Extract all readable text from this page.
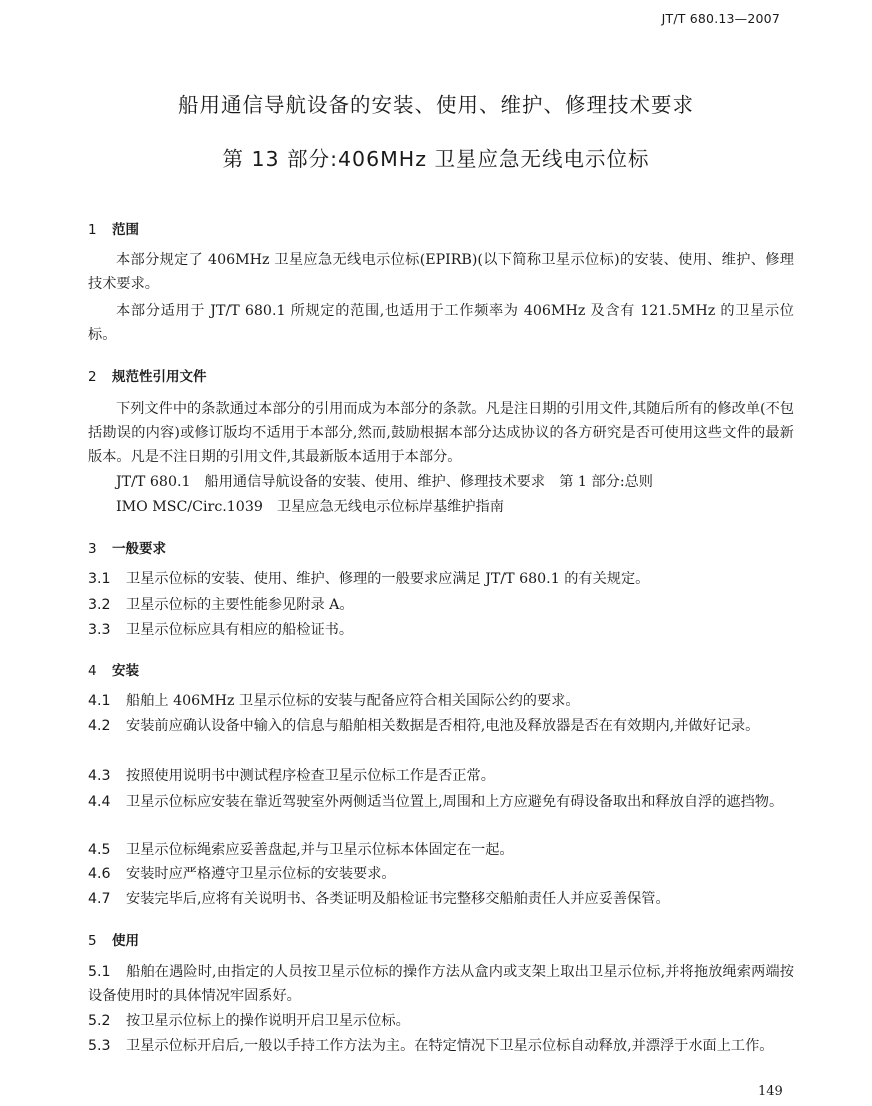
JT/T 680.13—2007
船用通信导航设备的安装、使用、维护、修理技术要求
第 13 部分:406MHz 卫星应急无线电示位标
1 范围
本部分规定了 406MHz 卫星应急无线电示位标(EPIRB)(以下简称卫星示位标)的安装、使用、维护、修理技术要求。
本部分适用于 JT/T 680.1 所规定的范围,也适用于工作频率为 406MHz 及含有 121.5MHz 的卫星示位标。
2 规范性引用文件
下列文件中的条款通过本部分的引用而成为本部分的条款。凡是注日期的引用文件,其随后所有的修改单(不包括勘误的内容)或修订版均不适用于本部分,然而,鼓励根据本部分达成协议的各方研究是否可使用这些文件的最新版本。凡是不注日期的引用文件,其最新版本适用于本部分。
JT/T 680.1 船用通信导航设备的安装、使用、维护、修理技术要求　第 1 部分:总则
IMO MSC/Circ.1039 卫星应急无线电示位标岸基维护指南
3 一般要求
3.1 卫星示位标的安装、使用、维护、修理的一般要求应满足 JT/T 680.1 的有关规定。
3.2 卫星示位标的主要性能参见附录 A。
3.3 卫星示位标应具有相应的船检证书。
4 安装
4.1 船舶上 406MHz 卫星示位标的安装与配备应符合相关国际公约的要求。
4.2 安装前应确认设备中输入的信息与船舶相关数据是否相符,电池及释放器是否在有效期内,并做好记录。
4.3 按照使用说明书中测试程序检查卫星示位标工作是否正常。
4.4 卫星示位标应安装在靠近驾驶室外两侧适当位置上,周围和上方应避免有碍设备取出和释放自浮的遮挡物。
4.5 卫星示位标绳索应妥善盘起,并与卫星示位标本体固定在一起。
4.6 安装时应严格遵守卫星示位标的安装要求。
4.7 安装完毕后,应将有关说明书、各类证明及船检证书完整移交船舶责任人并应妥善保管。
5 使用
5.1 船舶在遇险时,由指定的人员按卫星示位标的操作方法从盒内或支架上取出卫星示位标,并将拖放绳索两端按设备使用时的具体情况牢固系好。
5.2 按卫星示位标上的操作说明开启卫星示位标。
5.3 卫星示位标开启后,一般以手持工作方法为主。在特定情况下卫星示位标自动释放,并漂浮于水面上工作。
149
